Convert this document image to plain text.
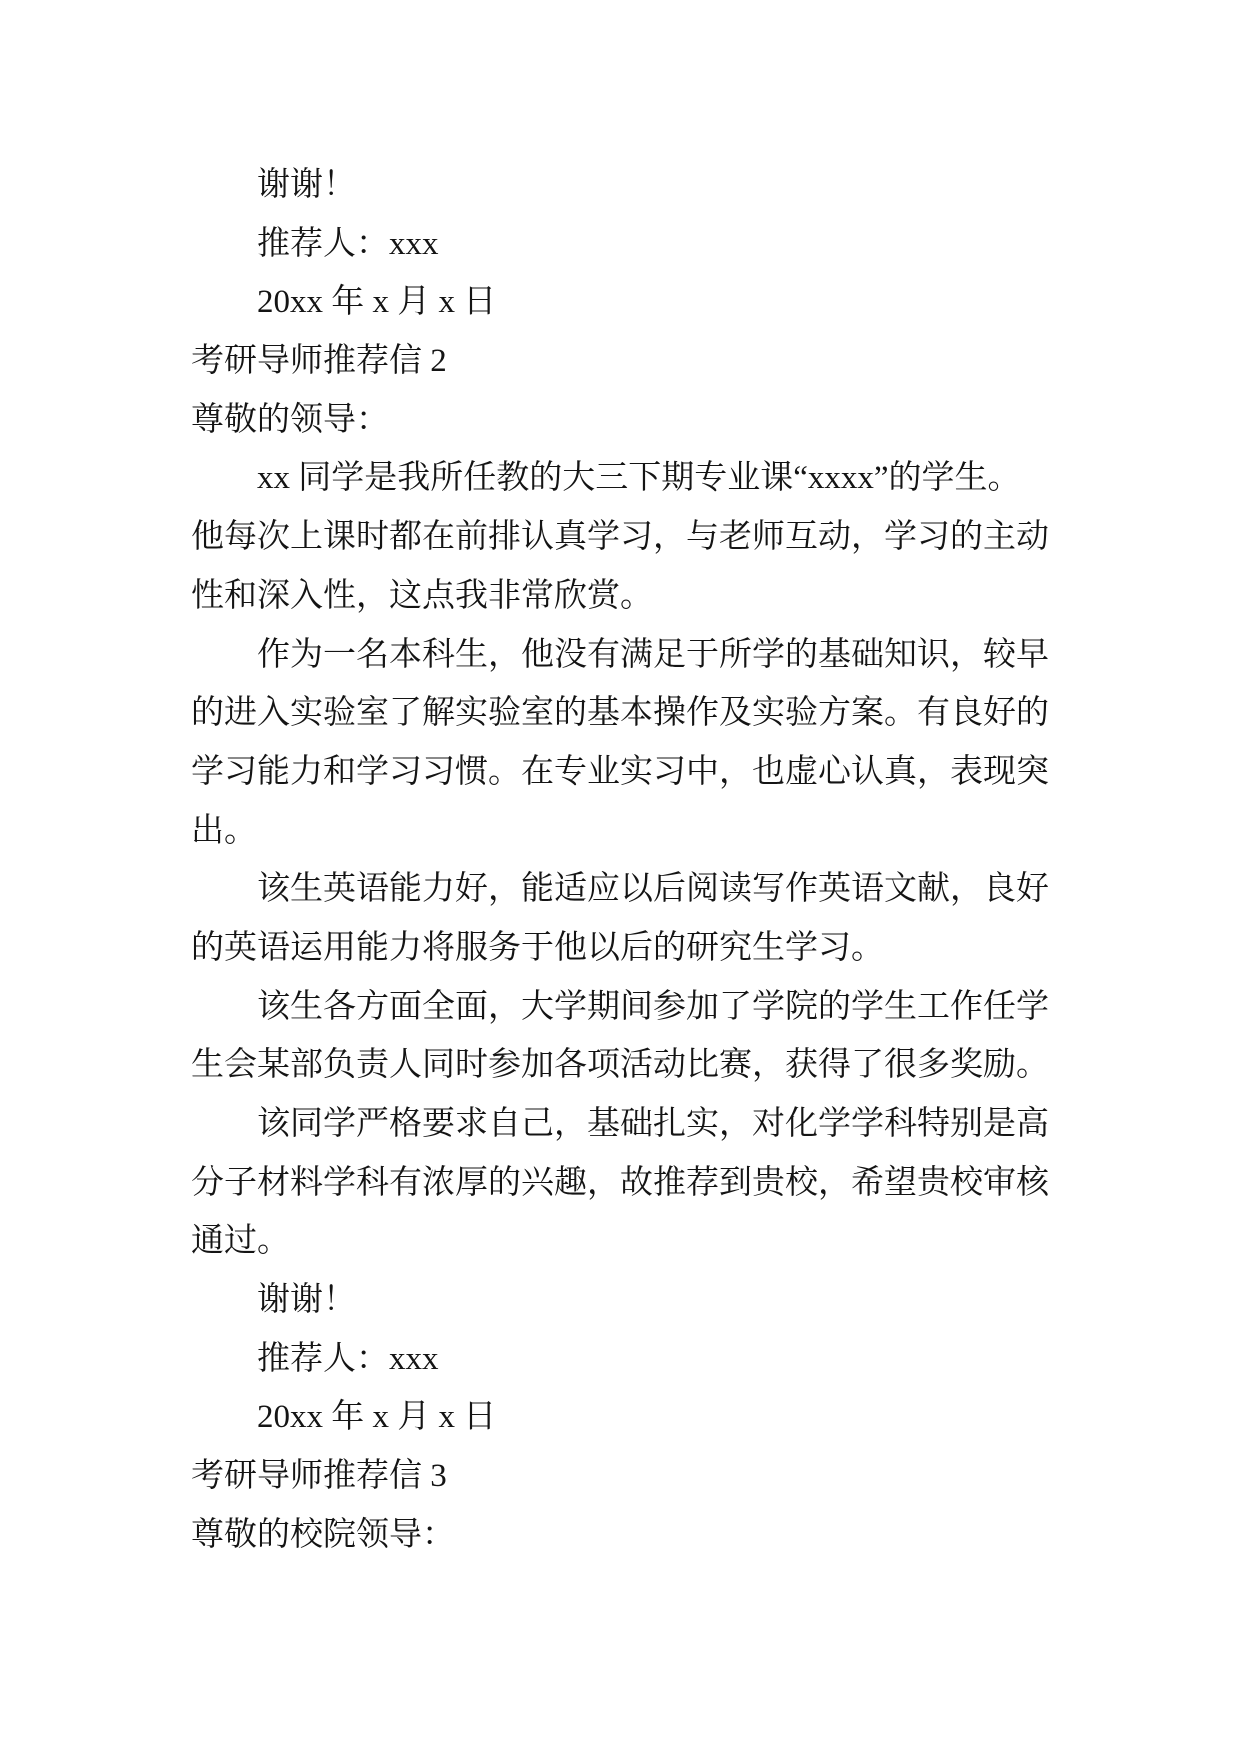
谢谢！
推荐人：xxx
20xx 年 x 月 x 日
考研导师推荐信 2
尊敬的领导：
xx 同学是我所任教的大三下期专业课“xxxx”的学生。
他每次上课时都在前排认真学习，与老师互动，学习的主动
性和深入性，这点我非常欣赏。
作为一名本科生，他没有满足于所学的基础知识，较早
的进入实验室了解实验室的基本操作及实验方案。有良好的
学习能力和学习习惯。在专业实习中，也虚心认真，表现突
出。
该生英语能力好，能适应以后阅读写作英语文献，良好
的英语运用能力将服务于他以后的研究生学习。
该生各方面全面，大学期间参加了学院的学生工作任学
生会某部负责人同时参加各项活动比赛，获得了很多奖励。
该同学严格要求自己，基础扎实，对化学学科特别是高
分子材料学科有浓厚的兴趣，故推荐到贵校，希望贵校审核
通过。
谢谢！
推荐人：xxx
20xx 年 x 月 x 日
考研导师推荐信 3
尊敬的校院领导：
